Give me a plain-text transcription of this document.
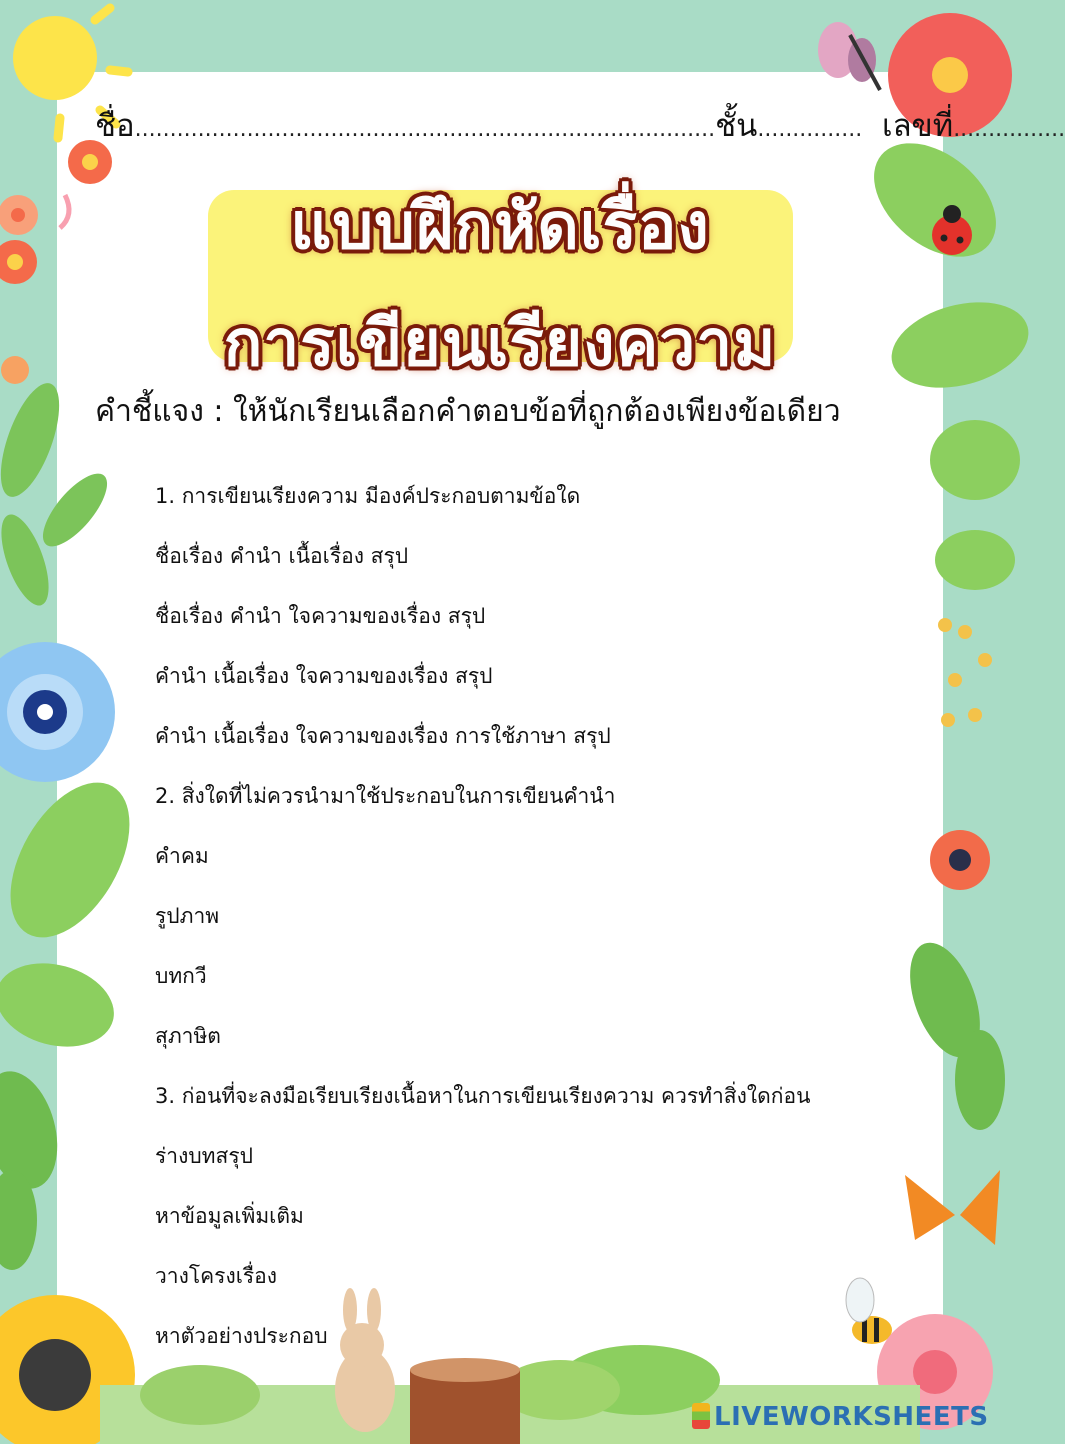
ชื่อ...................................................................................ชั้น............... เลขที่................
แบบฝึกหัดเรื่อง
การเขียนเรียงความ
คำชี้แจง : ให้นักเรียนเลือกคำตอบข้อที่ถูกต้องเพียงข้อเดียว
1. การเขียนเรียงความ มีองค์ประกอบตามข้อใด
ชื่อเรื่อง คำนำ เนื้อเรื่อง สรุป
ชื่อเรื่อง คำนำ ใจความของเรื่อง สรุป
คำนำ เนื้อเรื่อง ใจความของเรื่อง สรุป
คำนำ เนื้อเรื่อง ใจความของเรื่อง การใช้ภาษา สรุป
2. สิ่งใดที่ไม่ควรนำมาใช้ประกอบในการเขียนคำนำ
คำคม
รูปภาพ
บทกวี
สุภาษิต
3. ก่อนที่จะลงมือเรียบเรียงเนื้อหาในการเขียนเรียงความ ควรทำสิ่งใดก่อน
ร่างบทสรุป
หาข้อมูลเพิ่มเติม
วางโครงเรื่อง
หาตัวอย่างประกอบ
LIVEWORKSHEETS
